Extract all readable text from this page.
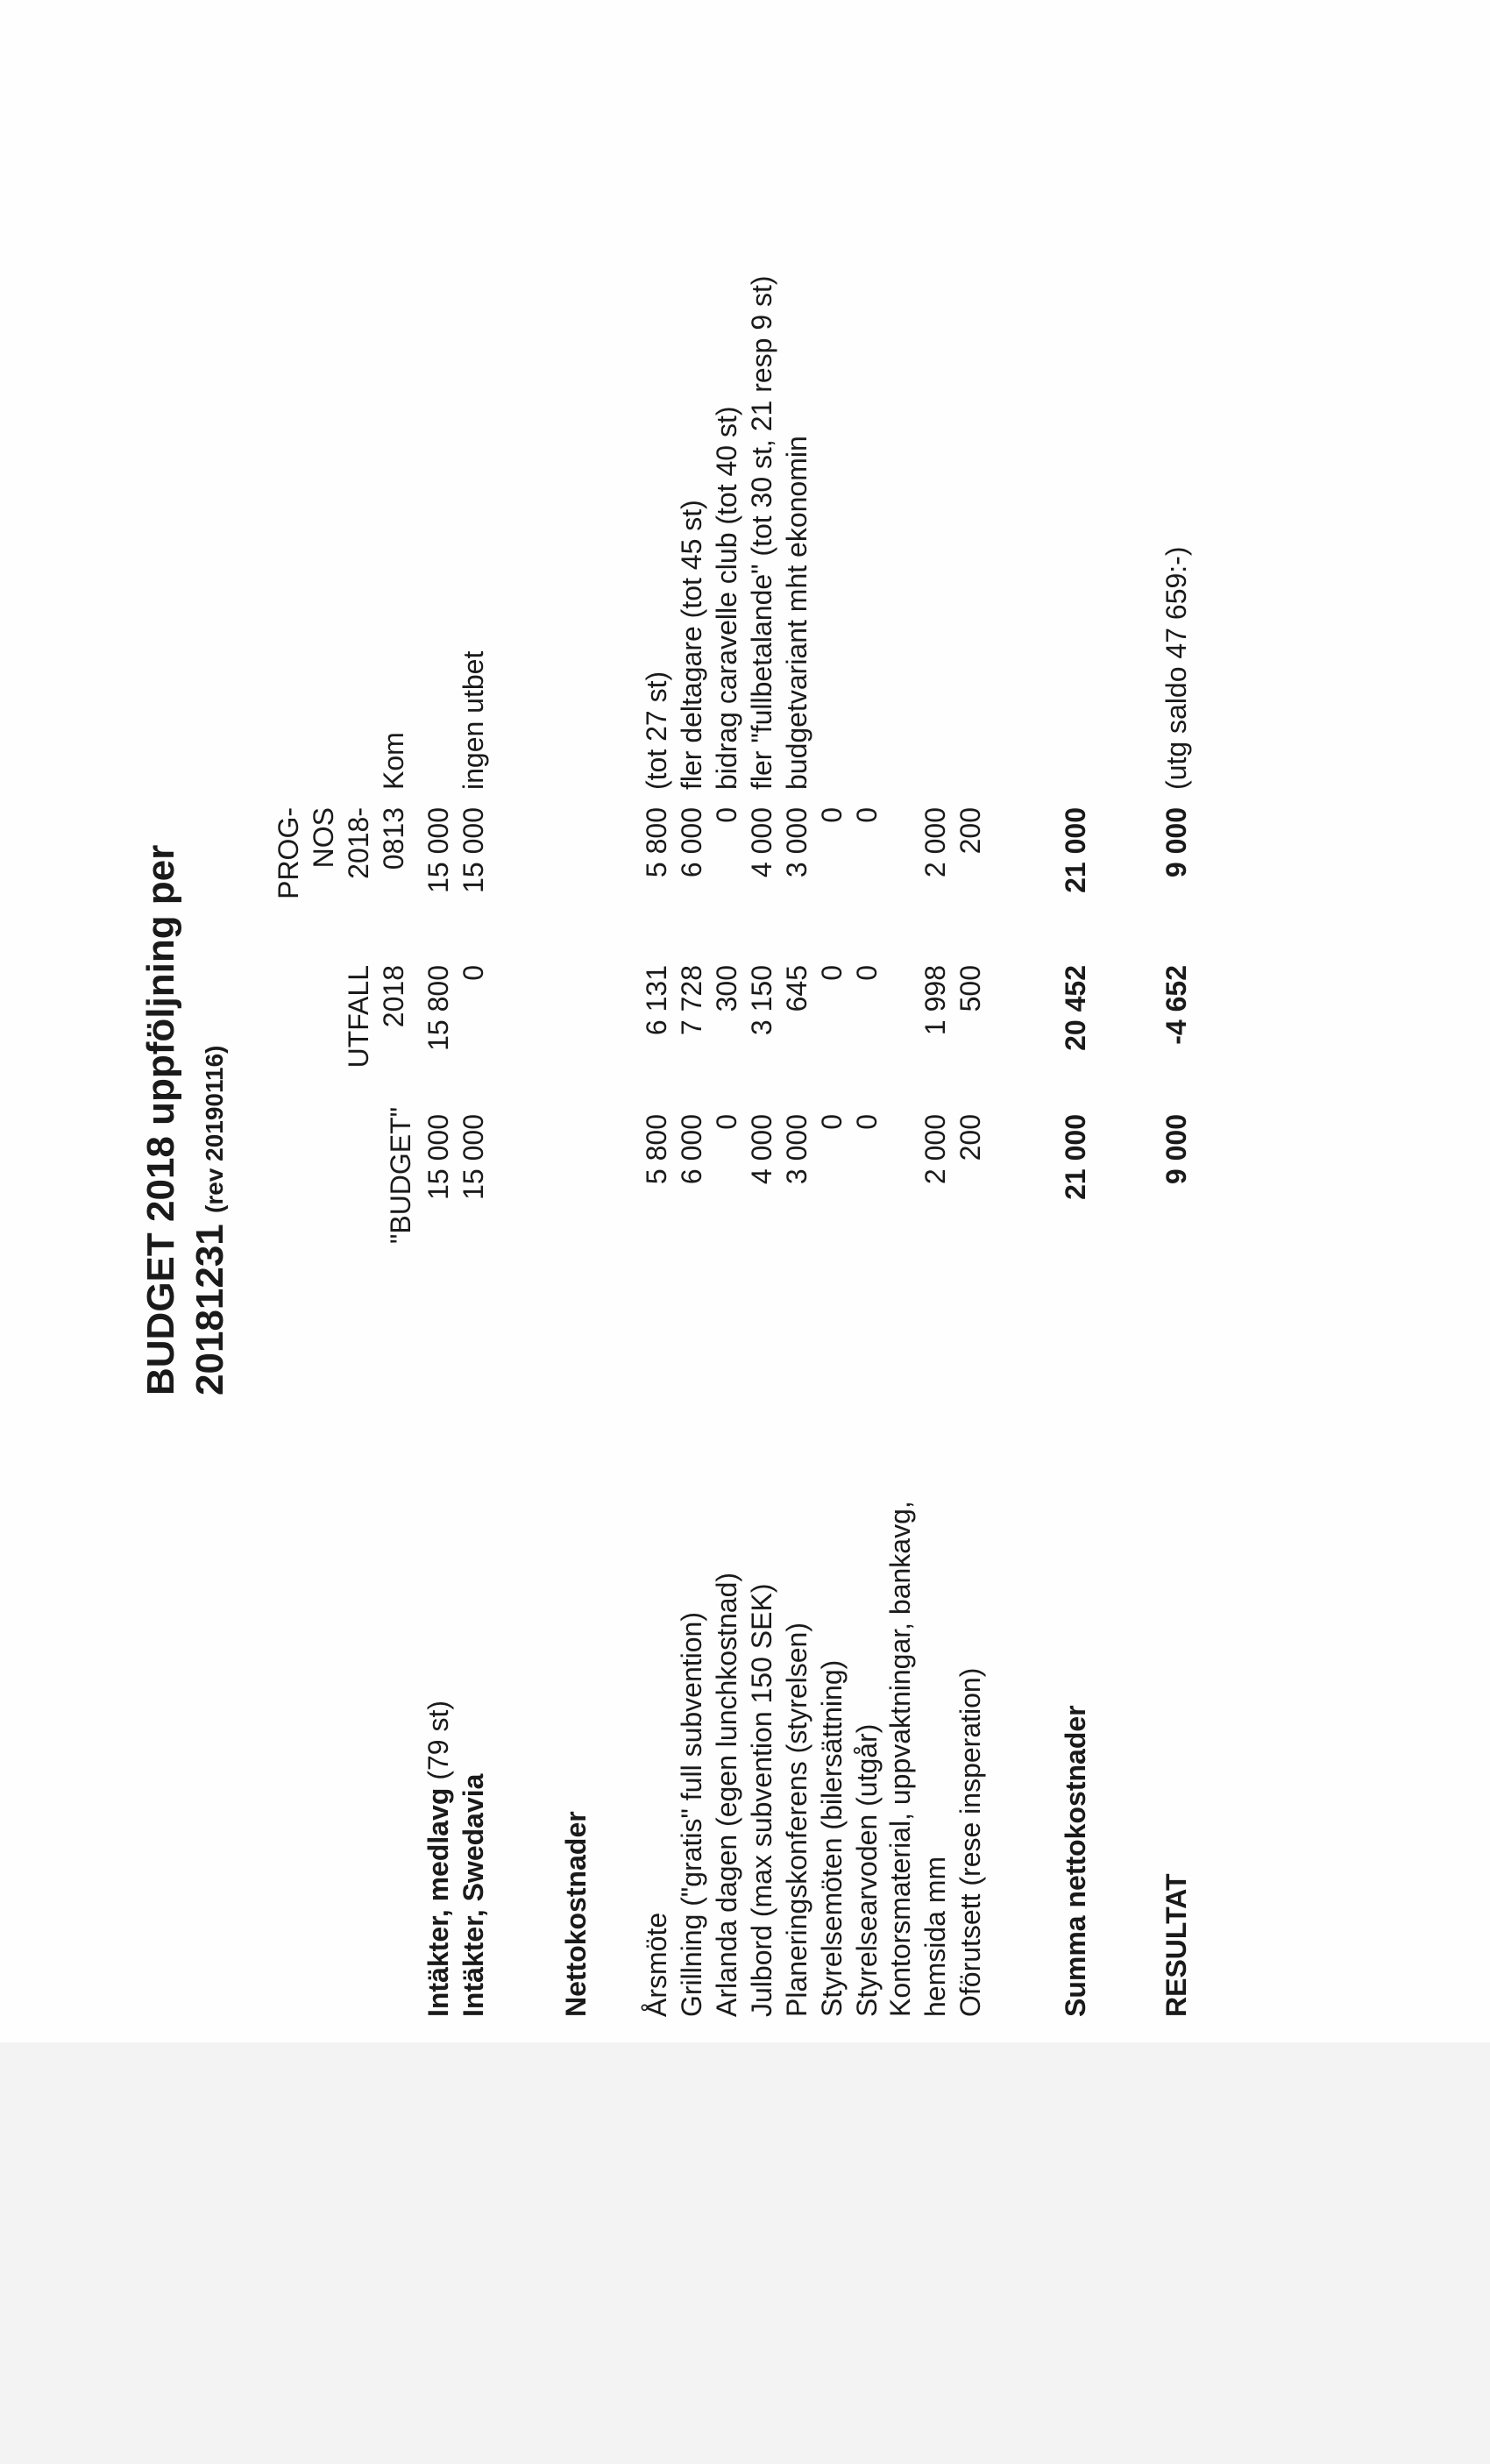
BUDGET 2018 uppföljning per 20181231 (rev 20190116)	"BUDGET"
UTFALL 2018
PROG- NOS 2018- 0813
Kom
Intäkter, medlavg (79 st)
15 000
15 800
15 000
Intäkter, Swedavia
15 000
0
15 000
ingen utbet
Nettokostnader Årsmöte
5 800
6 131
5 800
(tot 27 st)
Grillning ("gratis" full subvention)
6 000
7 728
6 000
fler deltagare (tot 45 st)
Arlanda dagen (egen lunchkostnad)
0
300
0
bidrag caravelle club (tot 40 st)
Julbord (max subvention 150 SEK)
4 000
3 150
4 000
fler "fullbetalande" (tot 30 st, 21 resp 9 st)
Planeringskonferens (styrelsen)
3 000
645
3 000
budgetvariant mht ekonomin
Styrelsemöten (bilersättning)
0
0
0
Styrelsearvoden (utgår)
0
0
0
Kontorsmaterial, uppvaktningar, bankavg, hemsida mm
2 000
1 998
2 000
Oförutsett (rese insperation)
200
500
200
Summa nettokostnader
21 000
20 452
21 000
RESULTAT
9 000
-4 652
9 000
(utg saldo 47 659:-)
